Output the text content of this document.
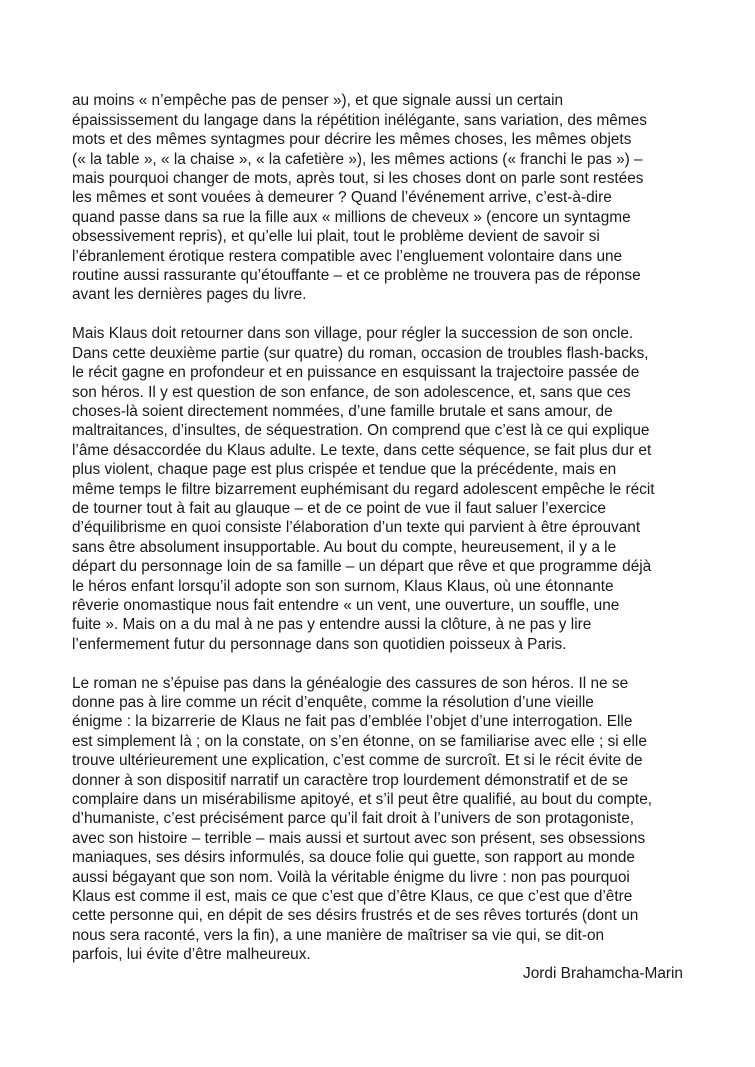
au moins « n’empêche pas de penser »), et que signale aussi un certain
épaississement du langage dans la répétition inélégante, sans variation, des mêmes
mots et des mêmes syntagmes pour décrire les mêmes choses, les mêmes objets
(« la table », « la chaise », « la cafetière »), les mêmes actions (« franchi le pas ») –
mais pourquoi changer de mots, après tout, si les choses dont on parle sont restées
les mêmes et sont vouées à demeurer ? Quand l’événement arrive, c’est-à-dire
quand passe dans sa rue la fille aux « millions de cheveux » (encore un syntagme
obsessivement repris), et qu’elle lui plait, tout le problème devient de savoir si
l’ébranlement érotique restera compatible avec l’engluement volontaire dans une
routine aussi rassurante qu’étouffante – et ce problème ne trouvera pas de réponse
avant les dernières pages du livre.

Mais Klaus doit retourner dans son village, pour régler la succession de son oncle.
Dans cette deuxième partie (sur quatre) du roman, occasion de troubles flash-backs,
le récit gagne en profondeur et en puissance en esquissant la trajectoire passée de
son héros. Il y est question de son enfance, de son adolescence, et, sans que ces
choses-là soient directement nommées, d’une famille brutale et sans amour, de
maltraitances, d’insultes, de séquestration. On comprend que c’est là ce qui explique
l’âme désaccordée du Klaus adulte. Le texte, dans cette séquence, se fait plus dur et
plus violent, chaque page est plus crispée et tendue que la précédente, mais en
même temps le filtre bizarrement euphémisant du regard adolescent empêche le récit
de tourner tout à fait au glauque – et de ce point de vue il faut saluer l’exercice
d’équilibrisme en quoi consiste l’élaboration d’un texte qui parvient à être éprouvant
sans être absolument insupportable. Au bout du compte, heureusement, il y a le
départ du personnage loin de sa famille – un départ que rêve et que programme déjà
le héros enfant lorsqu’il adopte son son surnom, Klaus Klaus, où une étonnante
rêverie onomastique nous fait entendre « un vent, une ouverture, un souffle, une
fuite ». Mais on a du mal à ne pas y entendre aussi la clôture, à ne pas y lire
l’enfermement futur du personnage dans son quotidien poisseux à Paris.

Le roman ne s’épuise pas dans la généalogie des cassures de son héros. Il ne se
donne pas à lire comme un récit d’enquête, comme la résolution d’une vieille
énigme : la bizarrerie de Klaus ne fait pas d’emblée l’objet d’une interrogation. Elle
est simplement là ; on la constate, on s’en étonne, on se familiarise avec elle ; si elle
trouve ultérieurement une explication, c’est comme de surcroît. Et si le récit évite de
donner à son dispositif narratif un caractère trop lourdement démonstratif et de se
complaire dans un misérabilisme apitoyé, et s’il peut être qualifié, au bout du compte,
d’humaniste, c’est précisément parce qu’il fait droit à l’univers de son protagoniste,
avec son histoire – terrible – mais aussi et surtout avec son présent, ses obsessions
maniaques, ses désirs informulés, sa douce folie qui guette, son rapport au monde
aussi bégayant que son nom. Voilà la véritable énigme du livre : non pas pourquoi
Klaus est comme il est, mais ce que c’est que d’être Klaus, ce que c’est que d’être
cette personne qui, en dépit de ses désirs frustrés et de ses rêves torturés (dont un
nous sera raconté, vers la fin), a une manière de maîtriser sa vie qui, se dit-on
parfois, lui évite d’être malheureux.

Jordi Brahamcha-Marin
